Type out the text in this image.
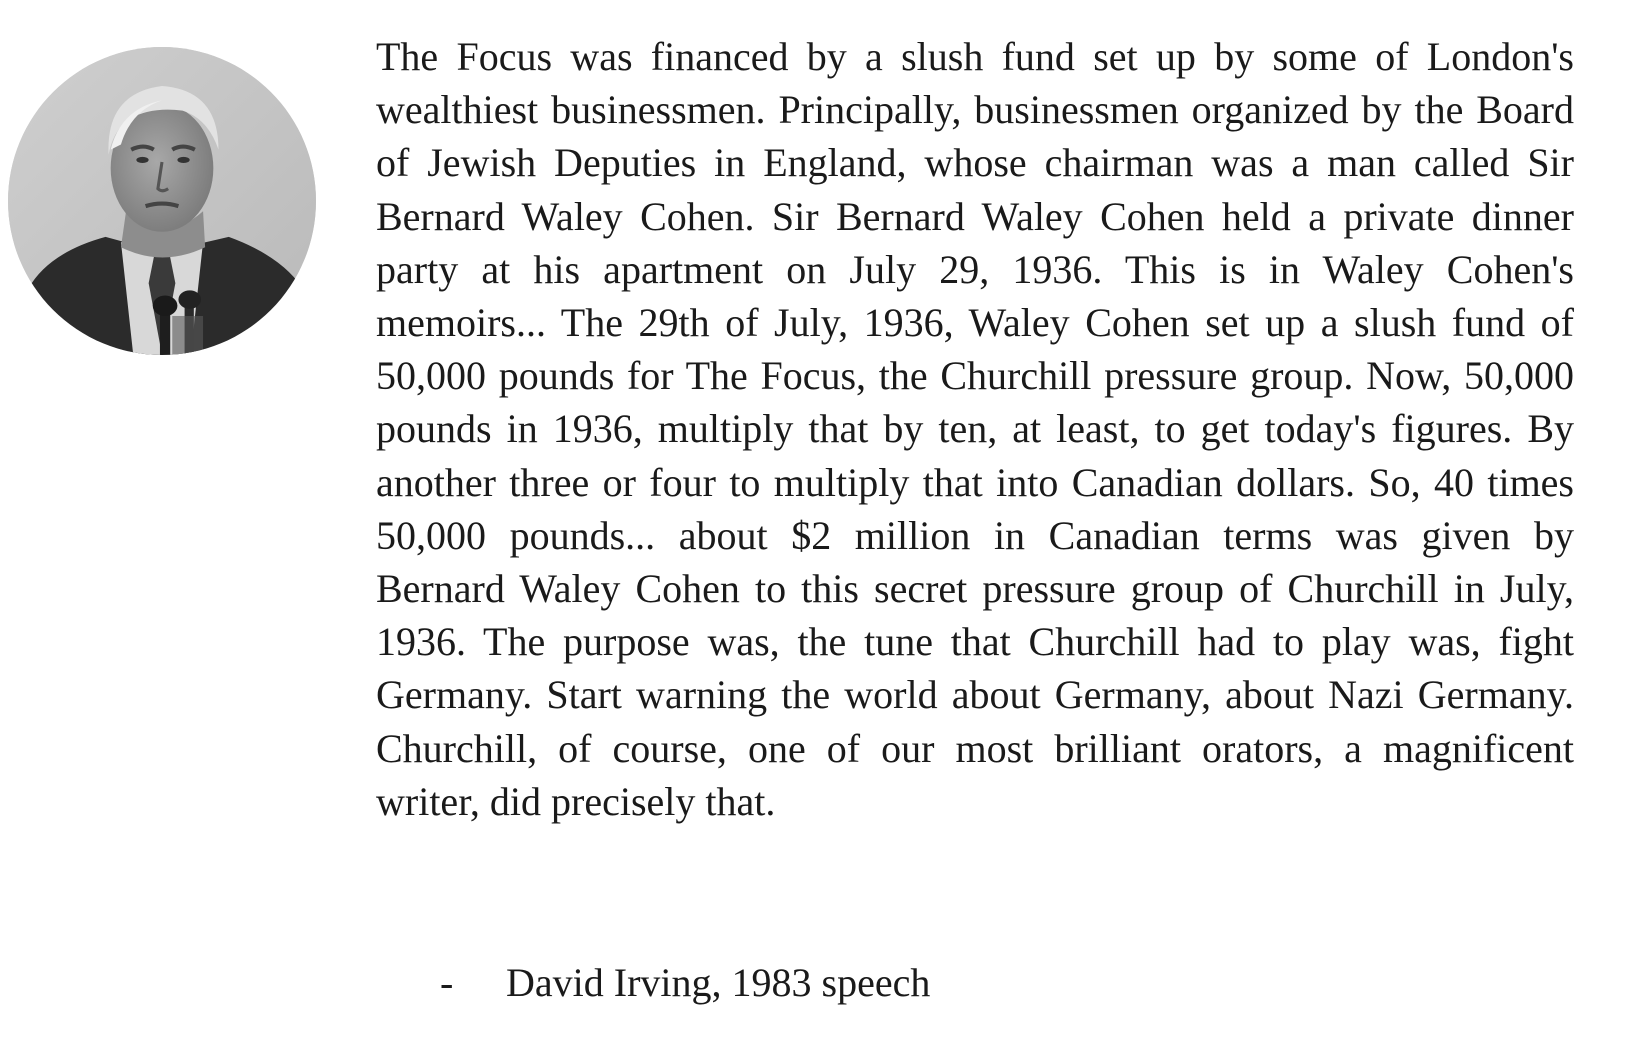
The Focus was financed by a slush fund set up by some of London's wealthiest businessmen. Principally, businessmen organized by the Board of Jewish Deputies in England, whose chairman was a man called Sir Bernard Waley Cohen. Sir Bernard Waley Cohen held a private dinner party at his apartment on July 29, 1936. This is in Waley Cohen's memoirs... The 29th of July, 1936, Waley Cohen set up a slush fund of 50,000 pounds for The Focus, the Churchill pressure group. Now, 50,000 pounds in 1936, multiply that by ten, at least, to get today's figures. By another three or four to multiply that into Canadian dollars. So, 40 times 50,000 pounds... about $2 million in Canadian terms was given by Bernard Waley Cohen to this secret pressure group of Churchill in July, 1936. The purpose was, the tune that Churchill had to play was, fight Germany. Start warning the world about Germany, about Nazi Germany. Churchill, of course, one of our most brilliant orators, a magnificent writer, did precisely that.

- David Irving, 1983 speech
